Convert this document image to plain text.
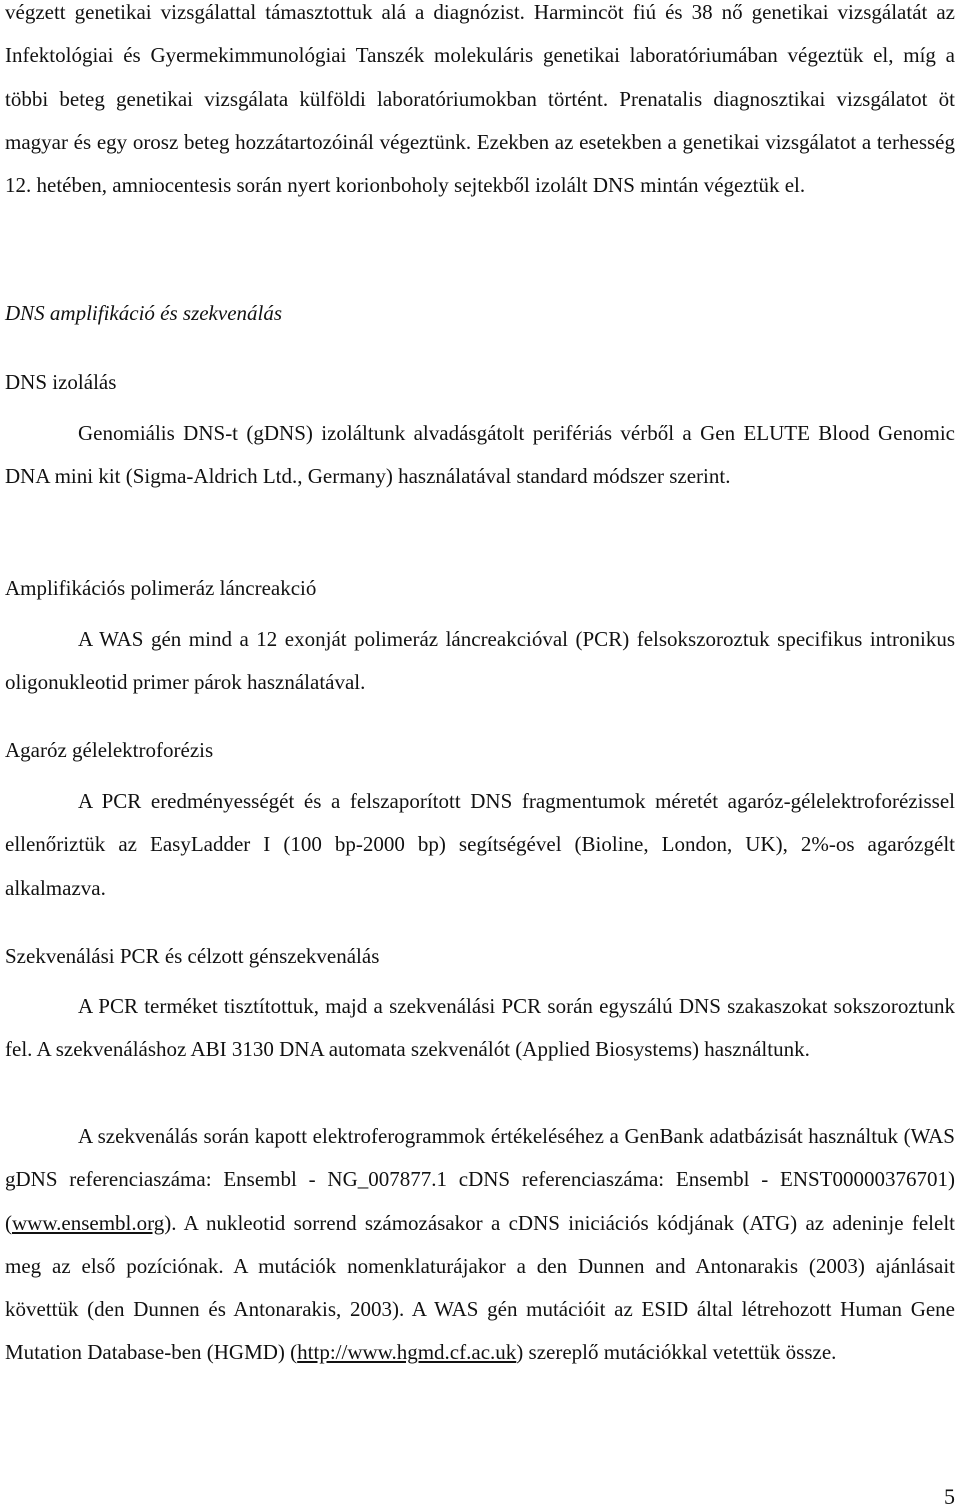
végzett genetikai vizsgálattal támasztottuk alá a diagnózist. Harmincöt fiú és 38 nő genetikai vizsgálatát az Infektológiai és Gyermekimmunológiai Tanszék molekuláris genetikai laboratóriumában végeztük el, míg a többi beteg genetikai vizsgálata külföldi laboratóriumokban történt. Prenatalis diagnosztikai vizsgálatot öt magyar és egy orosz beteg hozzátartozóinál végeztünk. Ezekben az esetekben a genetikai vizsgálatot a terhesség 12. hetében, amniocentesis során nyert korionboholy sejtekből izolált DNS mintán végeztük el.

DNS amplifikáció és szekvenálás

DNS izolálás

Genomiális DNS-t (gDNS) izoláltunk alvadásgátolt perifériás vérből a Gen ELUTE Blood Genomic DNA mini kit (Sigma-Aldrich Ltd., Germany) használatával standard módszer szerint.

Amplifikációs polimeráz láncreakció

A WAS gén mind a 12 exonját polimeráz láncreakcióval (PCR) felsokszoroztuk specifikus intronikus oligonukleotid primer párok használatával.

Agaróz gélelektroforézis

A PCR eredményességét és a felszaporított DNS fragmentumok méretét agaróz-gélelektroforézissel ellenőriztük az EasyLadder I (100 bp-2000 bp) segítségével (Bioline, London, UK), 2%-os agarózgélt alkalmazva.

Szekvenálási PCR és célzott génszekvenálás

A PCR terméket tisztítottuk, majd a szekvenálási PCR során egyszálú DNS szakaszokat sokszoroztunk fel. A szekvenáláshoz ABI 3130 DNA automata szekvenálót (Applied Biosystems) használtunk.

A szekvenálás során kapott elektroferogrammok értékeléséhez a GenBank adatbázisát használtuk (WAS gDNS referenciaszáma: Ensembl - NG_007877.1 cDNS referenciaszáma: Ensembl - ENST00000376701) (www.ensembl.org). A nukleotid sorrend számozásakor a cDNS iniciációs kódjának (ATG) az adeninje felelt meg az első pozíciónak. A mutációk nomenklaturájakor a den Dunnen and Antonarakis (2003) ajánlásait követtük (den Dunnen és Antonarakis, 2003). A WAS gén mutációit az ESID által létrehozott Human Gene Mutation Database-ben (HGMD) (http://www.hgmd.cf.ac.uk) szereplő mutációkkal vetettük össze.

5
